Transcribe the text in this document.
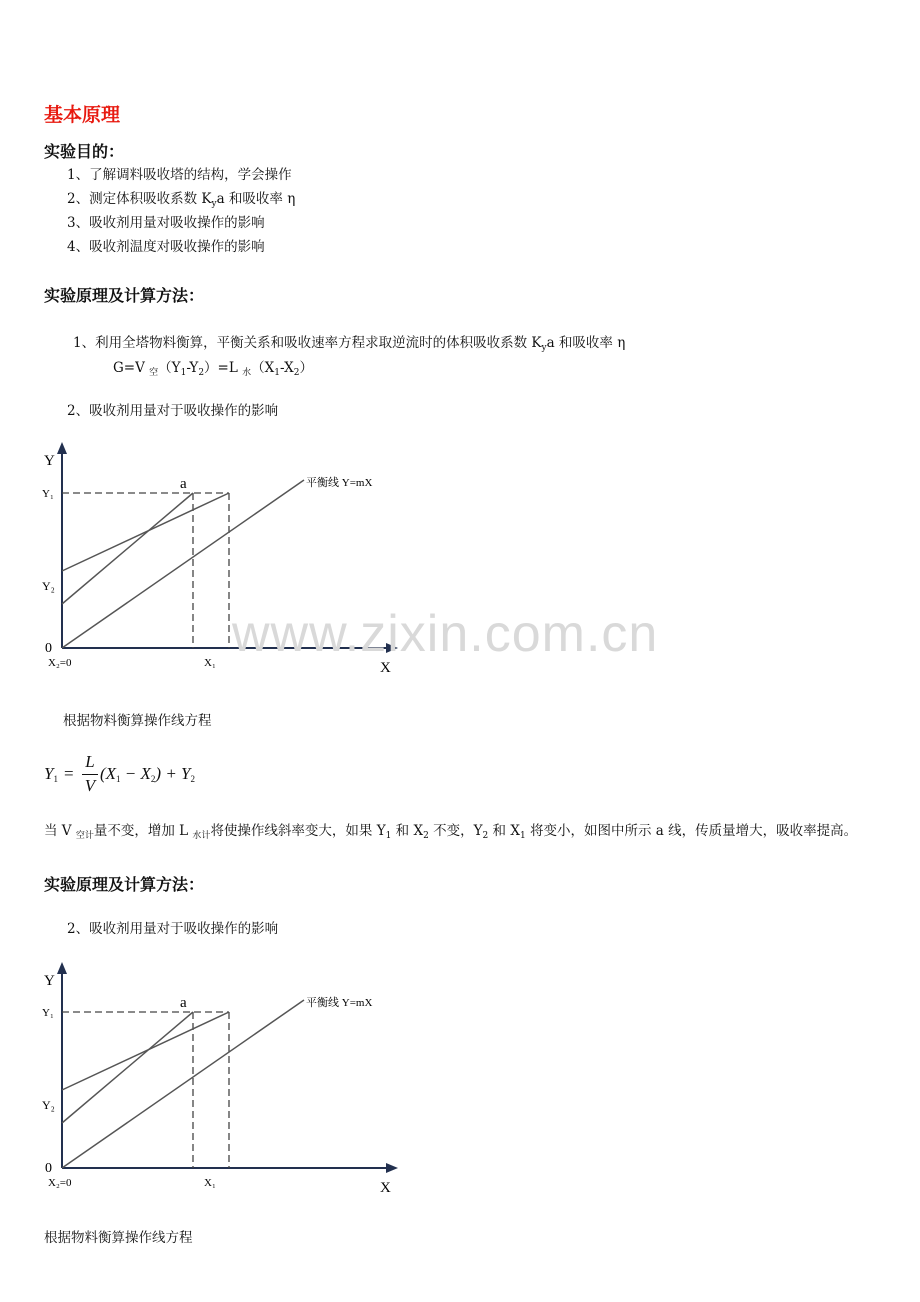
基本原理
实验目的：
1、了解调料吸收塔的结构，学会操作
2、测定体积吸收系数 $K_ya$ 和吸收率 η
3、吸收剂用量对吸收操作的影响
4、吸收剂温度对吸收操作的影响
实验原理及计算方法：
1、利用全塔物料衡算，平衡关系和吸收速率方程求取逆流时的体积吸收系数 $K_ya$ 和吸收率 η
G=V $_空(Y_1-Y_2)=L$ $_水(X_1-X_2)$
2、吸收剂用量对于吸收操作的影响
Y
X
Y₁
Y₂
0
X₂=0	X₁
a	平衡线 Y=mX
www.zixin.com.cn
根据物料衡算操作线方程
Y1 =
L
V
(X1 − X2) + Y2
当 V $_{空计}$量不变，增加 L $_{水计}$将使操作线斜率变大，如果 $Y_1$ 和 $X_2$ 不变，$Y_2$ 和 $X_1$ 将变小，如图中所示 a 线，传质量增大，吸收率提高。
实验原理及计算方法：
2、吸收剂用量对于吸收操作的影响
Y
X
Y₁
Y₂
0
X₂=0	X₁
a	平衡线 Y=mX
根据物料衡算操作线方程
